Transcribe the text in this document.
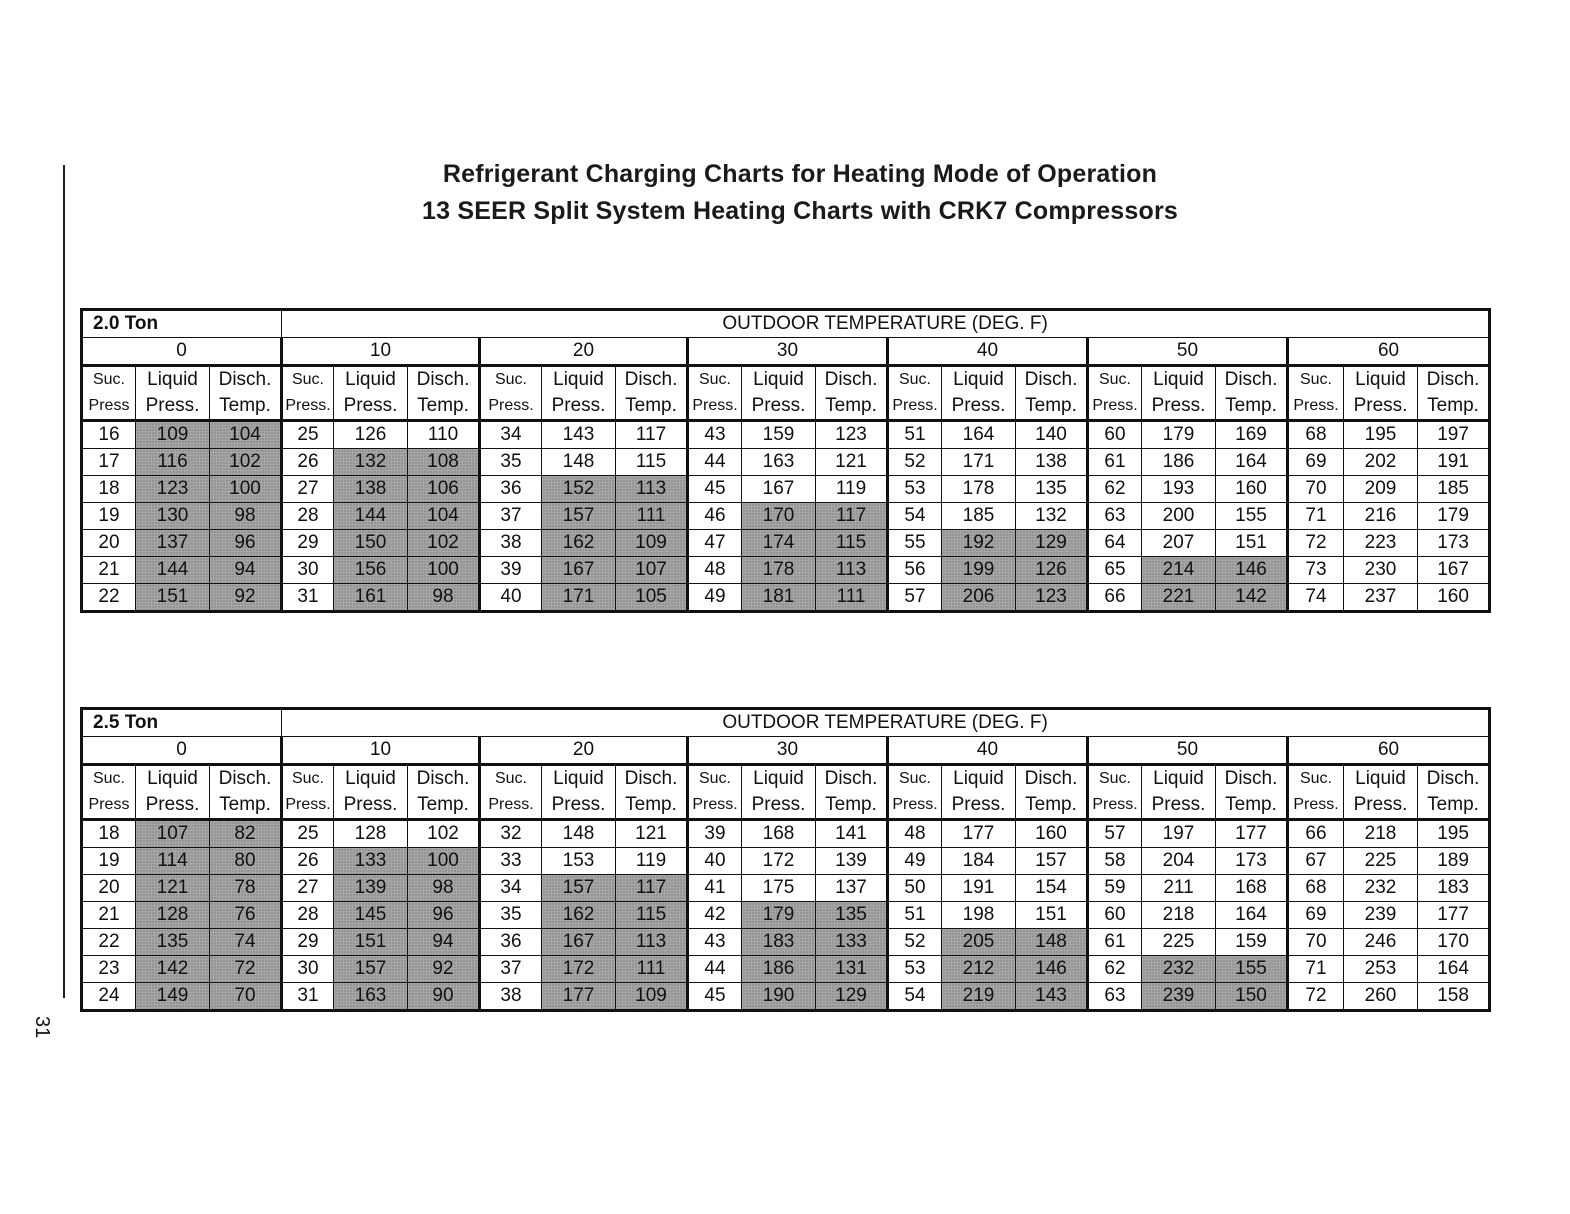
Refrigerant Charging Charts for Heating Mode of Operation
13 SEER Split System Heating Charts with CRK7 Compressors
31
2.0 Ton			OUTDOOR TEMPERATURE (DEG. F)																	
0			10			20			30			40			50			60		
Suc.	Liquid	Disch.	Suc.	Liquid	Disch.	Suc.	Liquid	Disch.	Suc.	Liquid	Disch.	Suc.	Liquid	Disch.	Suc.	Liquid	Disch.	Suc.	Liquid	Disch.
Press	Press.	Temp.	Press.	Press.	Temp.	Press.	Press.	Temp.	Press.	Press.	Temp.	Press.	Press.	Temp.	Press.	Press.	Temp.	Press.	Press.	Temp.
16	109	104	25	126	110	34	143	117	43	159	123	51	164	140	60	179	169	68	195	197
17	116	102	26	132	108	35	148	115	44	163	121	52	171	138	61	186	164	69	202	191
18	123	100	27	138	106	36	152	113	45	167	119	53	178	135	62	193	160	70	209	185
19	130	98	28	144	104	37	157	111	46	170	117	54	185	132	63	200	155	71	216	179
20	137	96	29	150	102	38	162	109	47	174	115	55	192	129	64	207	151	72	223	173
21	144	94	30	156	100	39	167	107	48	178	113	56	199	126	65	214	146	73	230	167
22	151	92	31	161	98	40	171	105	49	181	111	57	206	123	66	221	142	74	237	160
2.5 Ton			OUTDOOR TEMPERATURE (DEG. F)																	
0			10			20			30			40			50			60		
Suc.	Liquid	Disch.	Suc.	Liquid	Disch.	Suc.	Liquid	Disch.	Suc.	Liquid	Disch.	Suc.	Liquid	Disch.	Suc.	Liquid	Disch.	Suc.	Liquid	Disch.
Press	Press.	Temp.	Press.	Press.	Temp.	Press.	Press.	Temp.	Press.	Press.	Temp.	Press.	Press.	Temp.	Press.	Press.	Temp.	Press.	Press.	Temp.
18	107	82	25	128	102	32	148	121	39	168	141	48	177	160	57	197	177	66	218	195
19	114	80	26	133	100	33	153	119	40	172	139	49	184	157	58	204	173	67	225	189
20	121	78	27	139	98	34	157	117	41	175	137	50	191	154	59	211	168	68	232	183
21	128	76	28	145	96	35	162	115	42	179	135	51	198	151	60	218	164	69	239	177
22	135	74	29	151	94	36	167	113	43	183	133	52	205	148	61	225	159	70	246	170
23	142	72	30	157	92	37	172	111	44	186	131	53	212	146	62	232	155	71	253	164
24	149	70	31	163	90	38	177	109	45	190	129	54	219	143	63	239	150	72	260	158
